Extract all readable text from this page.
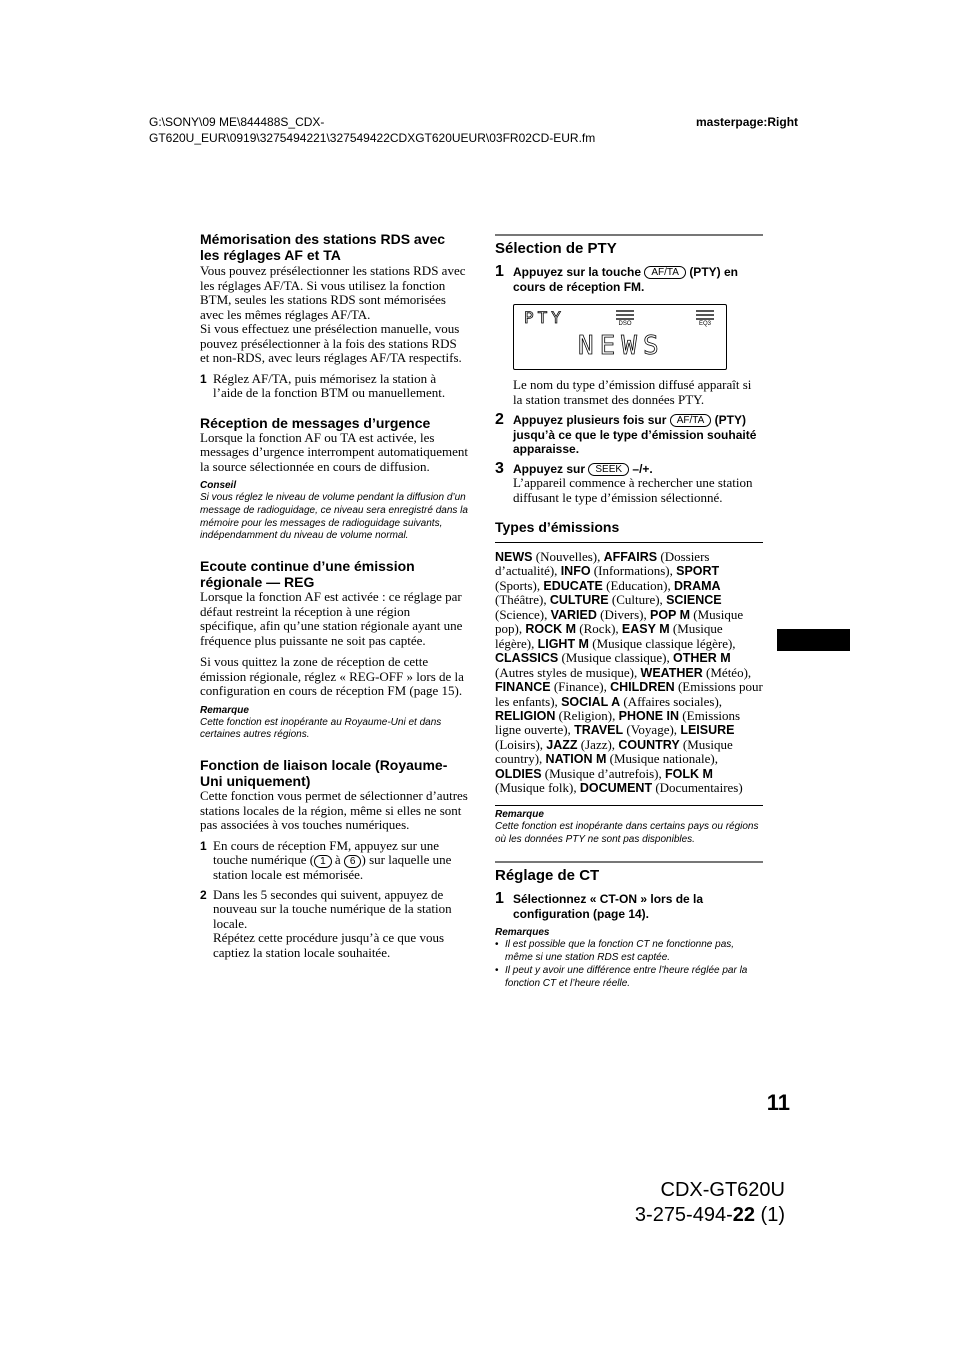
G:\SONY\09 ME\844488S_CDX-
GT620U_EUR\0919\3275494221\327549422CDXGT620UEUR\03FR02CD-EUR.fm
masterpage:Right
Mémorisation des stations RDS avec les réglages AF et TA

Vous pouvez présélectionner les stations RDS avec les réglages AF/TA. Si vous utilisez la fonction BTM, seules les stations RDS sont mémorisées avec les mêmes réglages AF/TA.

Si vous effectuez une présélection manuelle, vous pouvez présélectionner à la fois des stations RDS et non-RDS, avec leurs réglages AF/TA respectifs.

1 Réglez AF/TA, puis mémorisez la station à l’aide de la fonction BTM ou manuellement.
Réception de messages d’urgence

Lorsque la fonction AF ou TA est activée, les messages d’urgence interrompent automatiquement la source sélectionnée en cours de diffusion.

Conseil

Si vous réglez le niveau de volume pendant la diffusion d’un message de radioguidage, ce niveau sera enregistré dans la mémoire pour les messages de radioguidage suivants, indépendamment du niveau de volume normal.

Ecoute continue d’une émission régionale — REG

Lorsque la fonction AF est activée : ce réglage par défaut restreint la réception à une région spécifique, afin qu’une station régionale ayant une fréquence plus puissante ne soit pas captée.

Si vous quittez la zone de réception de cette émission régionale, réglez « REG-OFF » lors de la configuration en cours de réception FM (page 15).

Remarque

Cette fonction est inopérante au Royaume-Uni et dans certaines autres régions.

Fonction de liaison locale (Royaume-Uni uniquement)

Cette fonction vous permet de sélectionner d’autres stations locales de la région, même si elles ne sont pas associées à vos touches numériques.

1 En cours de réception FM, appuyez sur une touche numérique ( 1 à 6 ) sur laquelle une station locale est mémorisée.
2 Dans les 5 secondes qui suivent, appuyez de nouveau sur la touche numérique de la station locale.
Répétez cette procédure jusqu’à ce que vous captiez la station locale souhaitée.
Sélection de PTY
1 Appuyez sur la touche AF/TA (PTY) en cours de réception FM.
PTY	DSO	EQ3
NEWS

Le nom du type d’émission diffusé apparaît si la station transmet des données PTY.

2 Appuyez plusieurs fois sur AF/TA (PTY) jusqu’à ce que le type d’émission souhaité apparaisse.
3 Appuyez sur SEEK –/+.

L’appareil commence à rechercher une station diffusant le type d’émission sélectionné.

Types d’émissions

NEWS (Nouvelles), AFFAIRS (Dossiers d’actualité), INFO (Informations), SPORT (Sports), EDUCATE (Education), DRAMA (Théâtre), CULTURE (Culture), SCIENCE (Science), VARIED (Divers), POP M (Musique pop), ROCK M (Rock), EASY M (Musique légère), LIGHT M (Musique classique légère), CLASSICS (Musique classique), OTHER M (Autres styles de musique), WEATHER (Météo), FINANCE (Finance), CHILDREN (Emissions pour les enfants), SOCIAL A (Affaires sociales), RELIGION (Religion), PHONE IN (Emissions ligne ouverte), TRAVEL (Voyage), LEISURE (Loisirs), JAZZ (Jazz), COUNTRY (Musique country), NATION M (Musique nationale), OLDIES (Musique d’autrefois), FOLK M (Musique folk), DOCUMENT (Documentaires)

Remarque

Cette fonction est inopérante dans certains pays ou régions où les données PTY ne sont pas disponibles.

Réglage de CT
1 Sélectionnez « CT-ON » lors de la configuration (page 14).

Remarques

• Il est possible que la fonction CT ne fonctionne pas, même si une station RDS est captée.
• Il peut y avoir une différence entre l’heure réglée par la fonction CT et l’heure réelle.
11
CDX-GT620U
3-275-494-22 (1)
